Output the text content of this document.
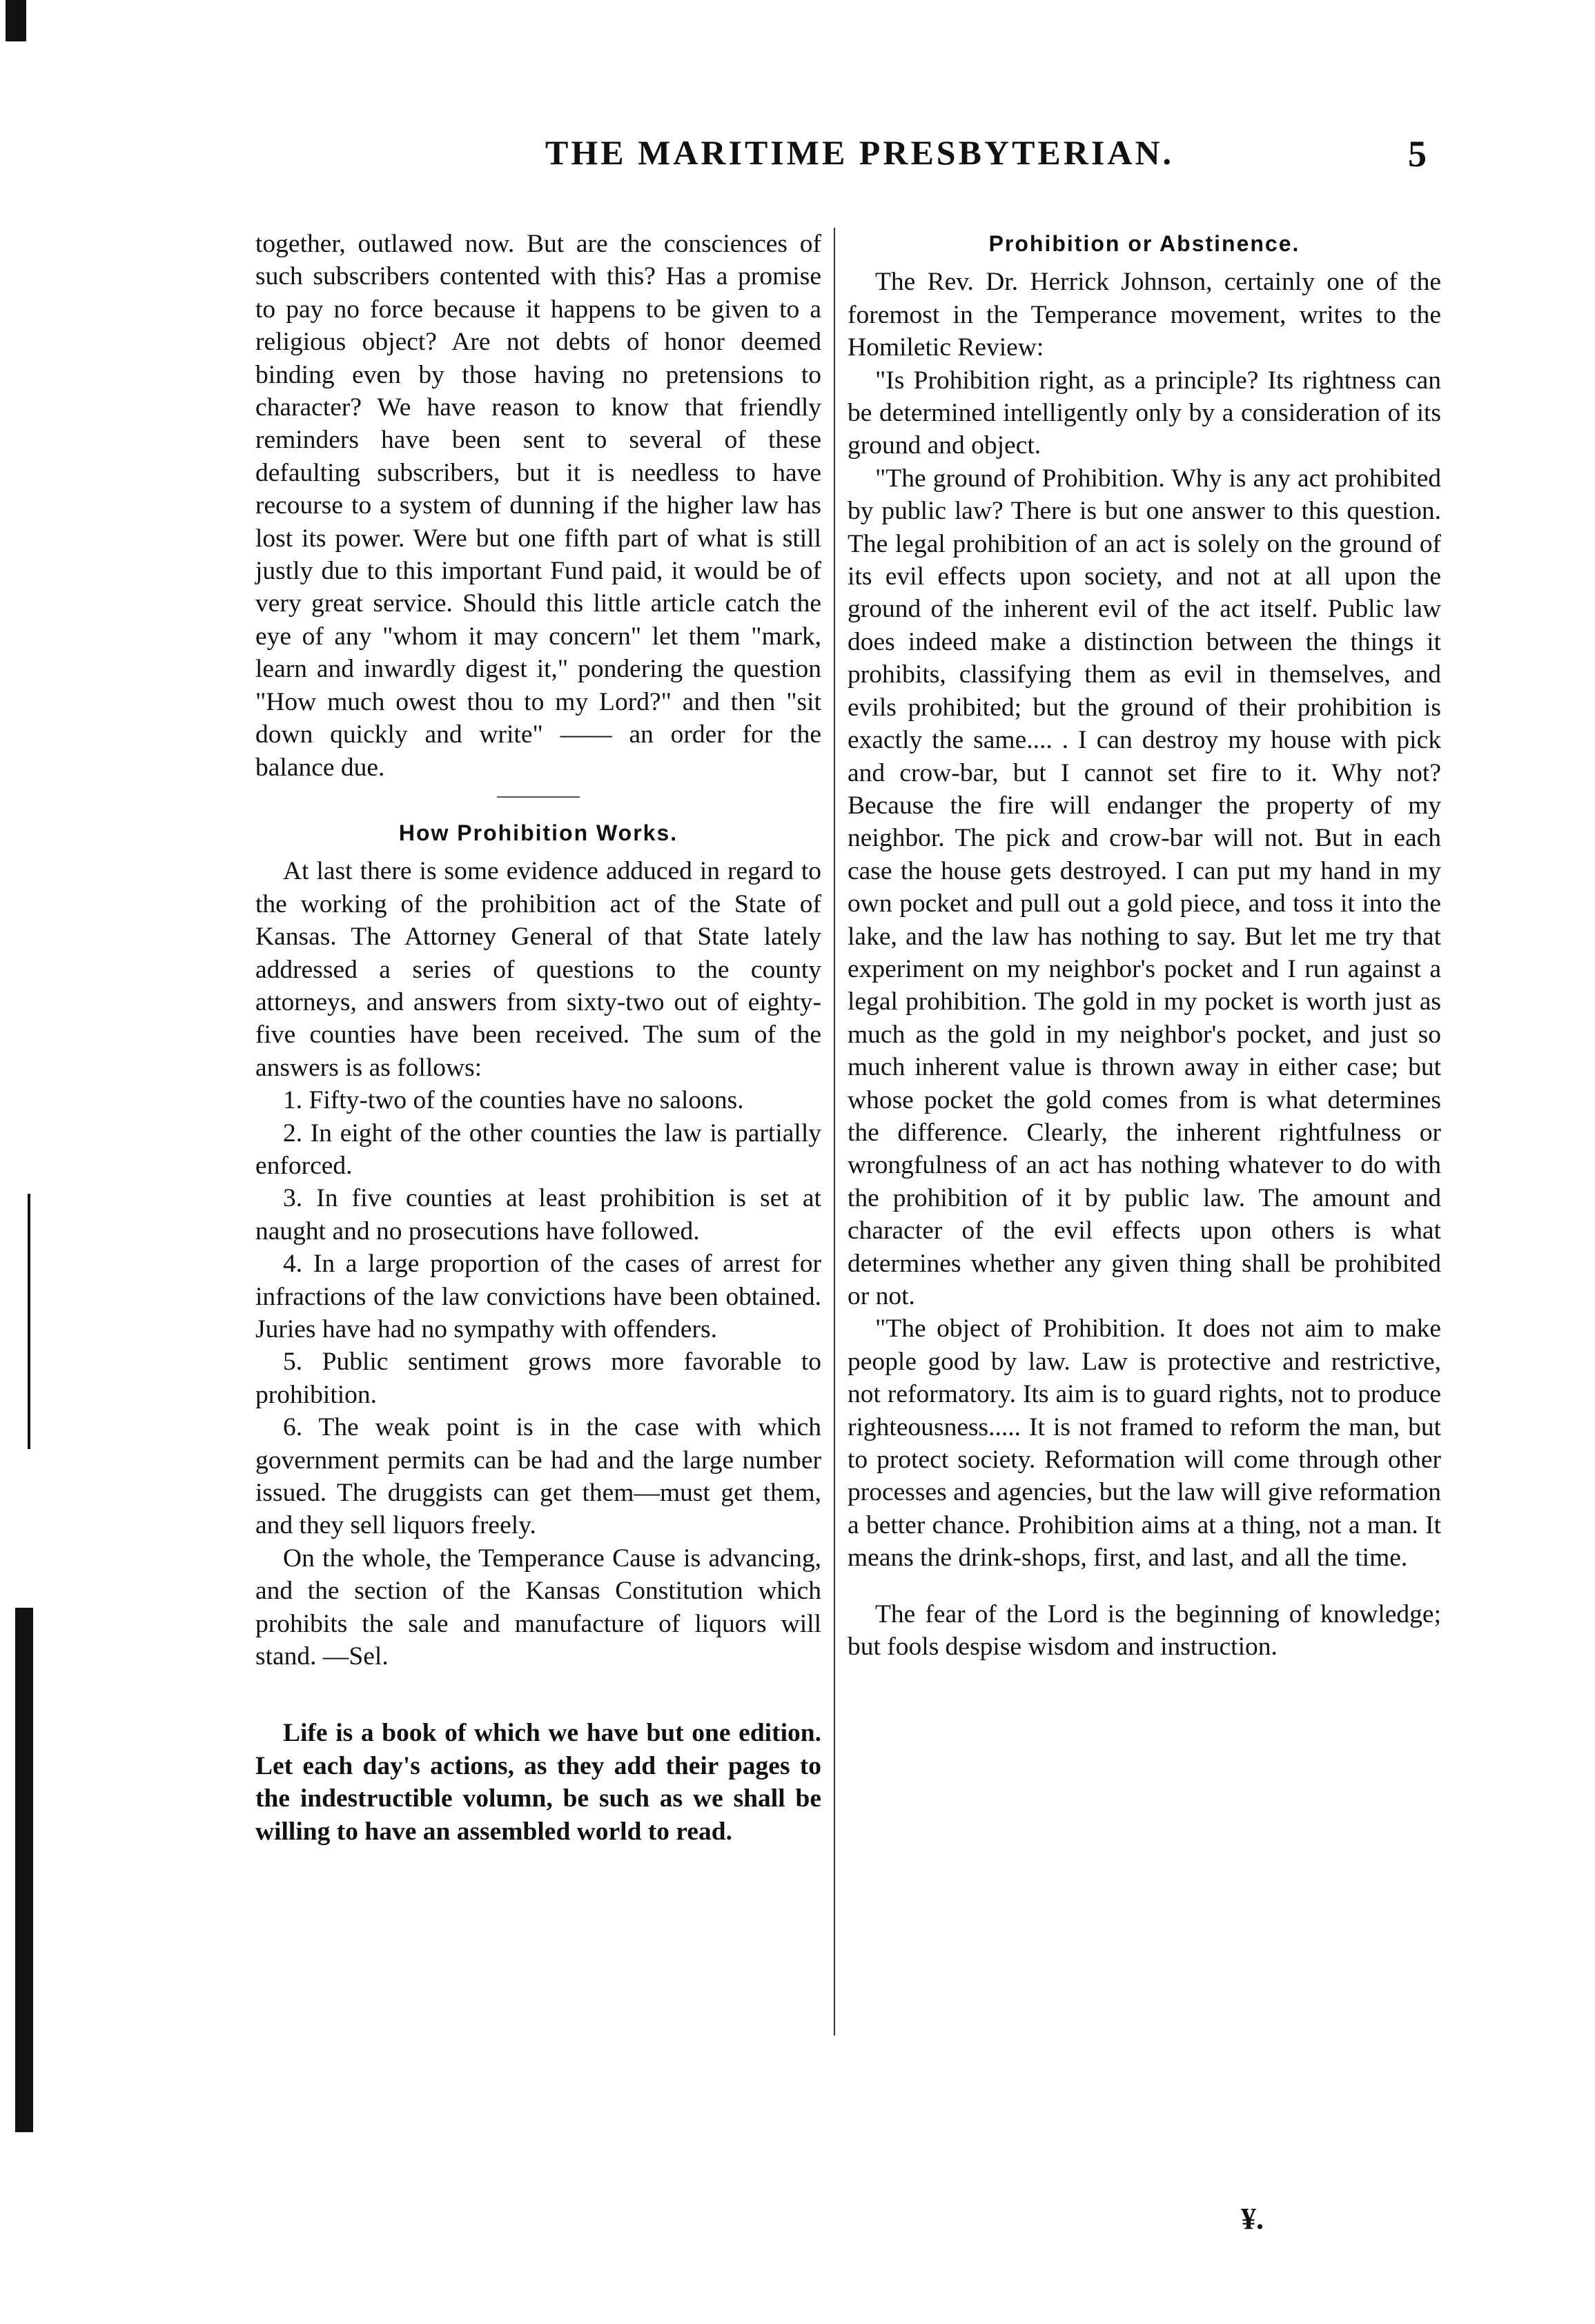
THE MARITIME PRESBYTERIAN.	5

together, outlawed now. But are the consciences of such subscribers contented with this? Has a promise to pay no force because it happens to be given to a religious object? Are not debts of honor deemed binding even by those having no pretensions to character? We have reason to know that friendly reminders have been sent to several of these defaulting subscribers, but it is needless to have recourse to a system of dunning if the higher law has lost its power. Were but one fifth part of what is still justly due to this important Fund paid, it would be of very great service. Should this little article catch the eye of any "whom it may concern" let them "mark, learn and inwardly digest it," pondering the question "How much owest thou to my Lord?" and then "sit down quickly and write" —— an order for the balance due.

How Prohibition Works.

At last there is some evidence adduced in regard to the working of the prohibition act of the State of Kansas. The Attorney General of that State lately addressed a series of questions to the county attorneys, and answers from sixty-two out of eighty-five counties have been received. The sum of the answers is as follows:

1. Fifty-two of the counties have no saloons.

2. In eight of the other counties the law is partially enforced.

3. In five counties at least prohibition is set at naught and no prosecutions have followed.

4. In a large proportion of the cases of arrest for infractions of the law convictions have been obtained. Juries have had no sympathy with offenders.

5. Public sentiment grows more favorable to prohibition.

6. The weak point is in the case with which government permits can be had and the large number issued. The druggists can get them—must get them, and they sell liquors freely.

On the whole, the Temperance Cause is advancing, and the section of the Kansas Constitution which prohibits the sale and manufacture of liquors will stand. —Sel.

Life is a book of which we have but one edition. Let each day's actions, as they add their pages to the indestructible volumn, be such as we shall be willing to have an assembled world to read.

Prohibition or Abstinence.

The Rev. Dr. Herrick Johnson, certainly one of the foremost in the Temperance movement, writes to the Homiletic Review:

"Is Prohibition right, as a principle? Its rightness can be determined intelligently only by a consideration of its ground and object.

"The ground of Prohibition. Why is any act prohibited by public law? There is but one answer to this question. The legal prohibition of an act is solely on the ground of its evil effects upon society, and not at all upon the ground of the inherent evil of the act itself. Public law does indeed make a distinction between the things it prohibits, classifying them as evil in themselves, and evils prohibited; but the ground of their prohibition is exactly the same.... . I can destroy my house with pick and crow-bar, but I cannot set fire to it. Why not? Because the fire will endanger the property of my neighbor. The pick and crow-bar will not. But in each case the house gets destroyed. I can put my hand in my own pocket and pull out a gold piece, and toss it into the lake, and the law has nothing to say. But let me try that experiment on my neighbor's pocket and I run against a legal prohibition. The gold in my pocket is worth just as much as the gold in my neighbor's pocket, and just so much inherent value is thrown away in either case; but whose pocket the gold comes from is what determines the difference. Clearly, the inherent rightfulness or wrongfulness of an act has nothing whatever to do with the prohibition of it by public law. The amount and character of the evil effects upon others is what determines whether any given thing shall be prohibited or not.

"The object of Prohibition. It does not aim to make people good by law. Law is protective and restrictive, not reformatory. Its aim is to guard rights, not to produce righteousness..... It is not framed to reform the man, but to protect society. Reformation will come through other processes and agencies, but the law will give reformation a better chance. Prohibition aims at a thing, not a man. It means the drink-shops, first, and last, and all the time.

The fear of the Lord is the beginning of knowledge; but fools despise wisdom and instruction.

¥.
